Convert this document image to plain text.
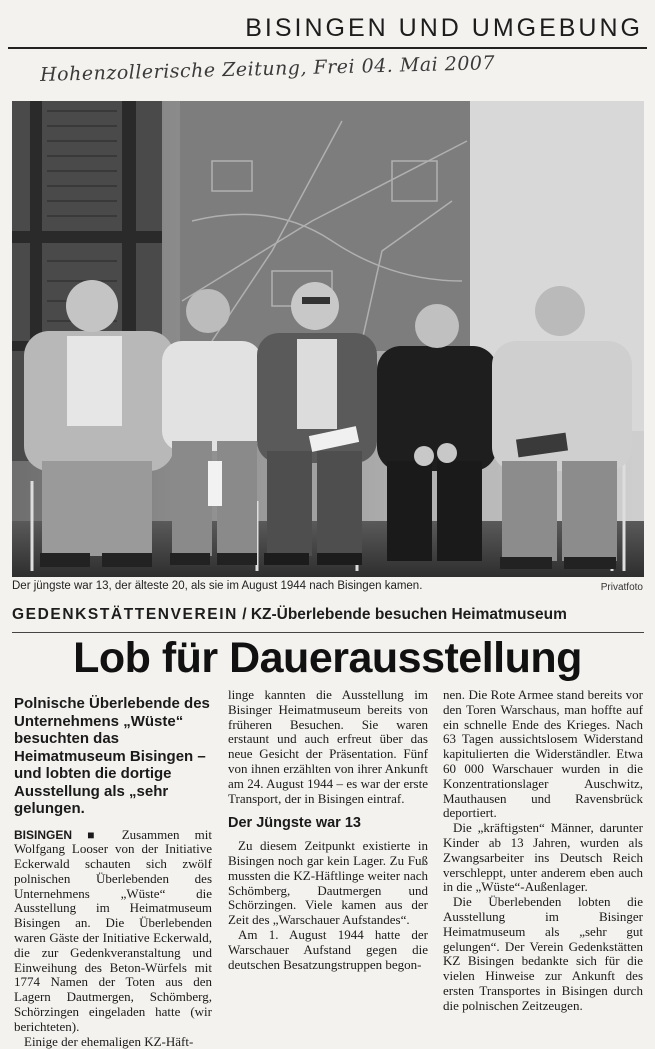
BISINGEN UND UMGEBUNG
Hohenzollerische Zeitung, Frei 04. Mai 2007
Der jüngste war 13, der älteste 20, als sie im August 1944 nach Bisingen kamen.	Privatfoto
GEDENKSTÄTTENVEREIN / KZ-Überlebende besuchen Heimatmuseum
Lob für Dauerausstellung

Polnische Überlebende des Unternehmens „Wüste“ besuchten das Heimatmuseum Bisingen – und lobten die dortige Ausstellung als „sehr gelungen.

BISINGEN ■ Zusammen mit Wolfgang Looser von der Initiative Eckerwald schauten sich zwölf polnischen Überlebenden des Unternehmens „Wüste“ die Ausstellung im Heimatmuseum Bisingen an. Die Überlebenden waren Gäste der Initiative Eckerwald, die zur Gedenkveranstaltung und Einweihung des Beton-Würfels mit 1774 Namen der Toten aus den Lagern Dautmergen, Schömberg, Schörzingen eingeladen hatte (wir berichteten).

Einige der ehemaligen KZ-Häft-

linge kannten die Ausstellung im Bisinger Heimatmuseum bereits von früheren Besuchen. Sie waren erstaunt und auch erfreut über das neue Gesicht der Präsentation. Fünf von ihnen erzählten von ihrer Ankunft am 24. August 1944 – es war der erste Transport, der in Bisingen eintraf.

Der Jüngste war 13

Zu diesem Zeitpunkt existierte in Bisingen noch gar kein Lager. Zu Fuß mussten die KZ-Häftlinge weiter nach Schömberg, Dautmergen und Schörzingen. Viele kamen aus der Zeit des „Warschauer Aufstandes“.

Am 1. August 1944 hatte der Warschauer Aufstand gegen die deutschen Besatzungstruppen begon-

nen. Die Rote Armee stand bereits vor den Toren Warschaus, man hoffte auf ein schnelle Ende des Krieges. Nach 63 Tagen aussichtslosem Widerstand kapitulierten die Widerständler. Etwa 60 000 Warschauer wurden in die Konzentrationslager Auschwitz, Mauthausen und Ravensbrück deportiert.

Die „kräftigsten“ Männer, darunter Kinder ab 13 Jahren, wurden als Zwangsarbeiter ins Deutsch Reich verschleppt, unter anderem eben auch in die „Wüste“-Außenlager.

Die Überlebenden lobten die Ausstellung im Bisinger Heimatmuseum als „sehr gut gelungen“. Der Verein Gedenkstätten KZ Bisingen bedankte sich für die vielen Hinweise zur Ankunft des ersten Transportes in Bisingen durch die polnischen Zeitzeugen.
